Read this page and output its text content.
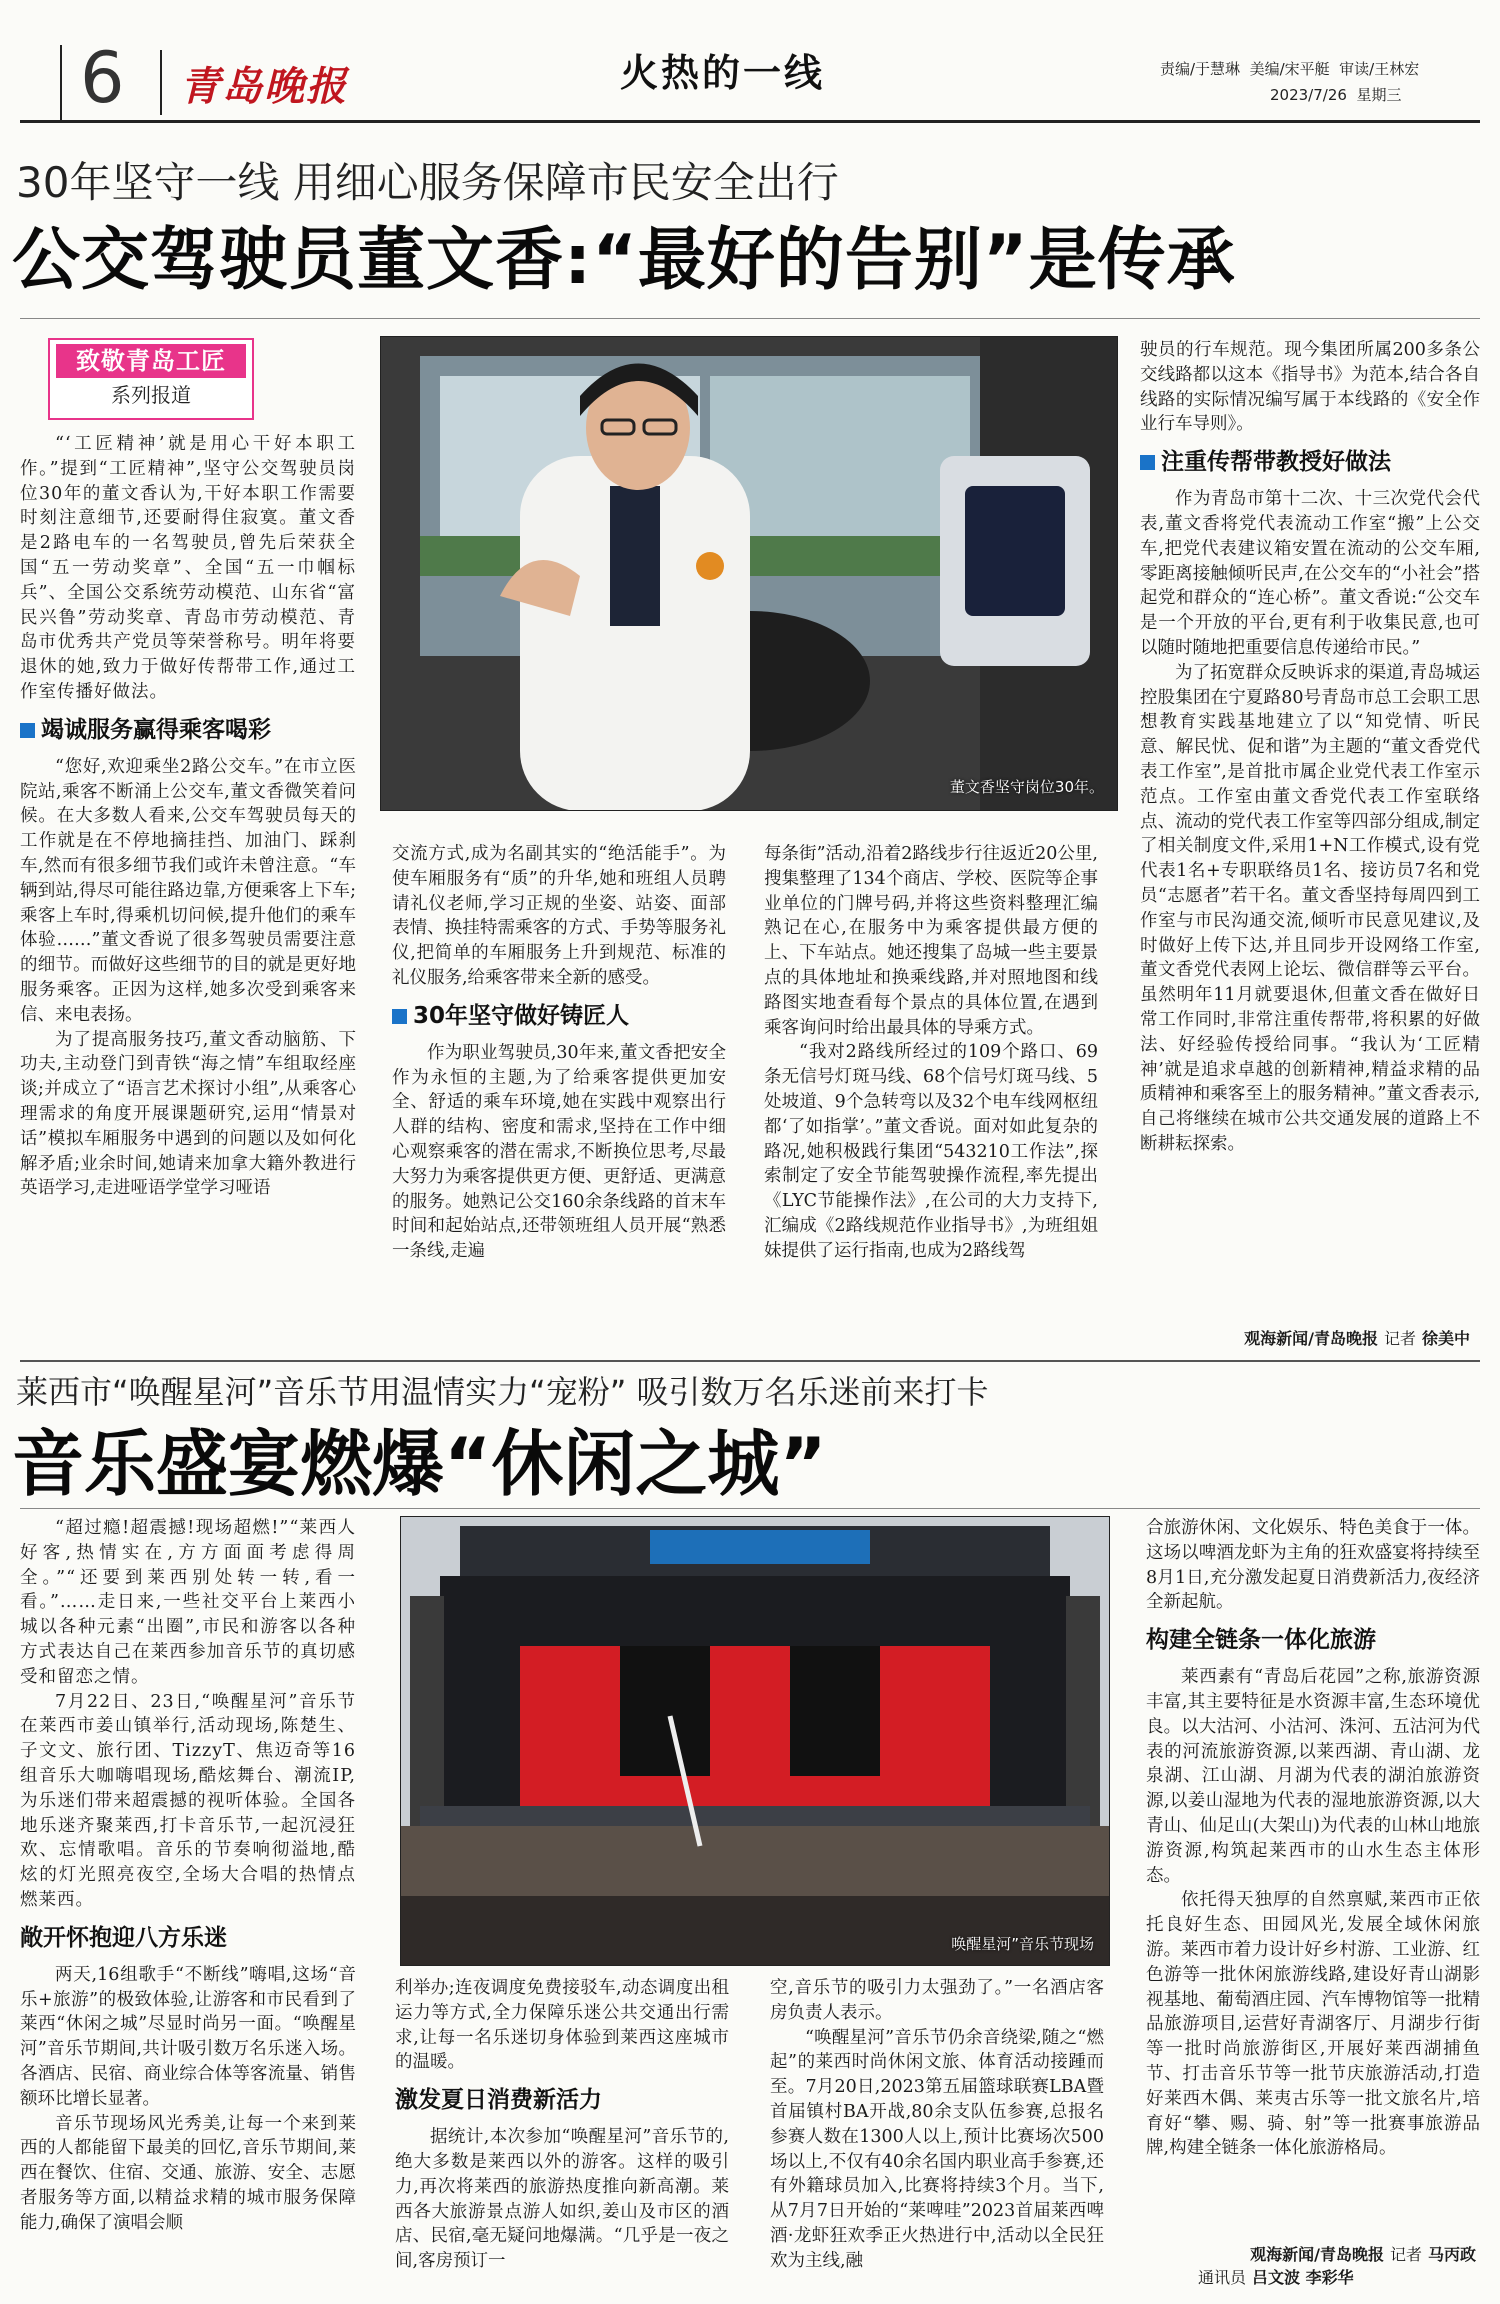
6 青岛晚报	火热的一线	责编/于慧琳  美编/宋平艇  审读/王林宏
2023/7/26  星期三
30年坚守一线 用细心服务保障市民安全出行
公交驾驶员董文香:“最好的告别”是传承
致敬青岛工匠
系列报道

“‘工匠精神’就是用心干好本职工作。”提到“工匠精神”,坚守公交驾驶员岗位30年的董文香认为,干好本职工作需要时刻注意细节,还要耐得住寂寞。董文香是2路电车的一名驾驶员,曾先后荣获全国“五一劳动奖章”、全国“五一巾帼标兵”、全国公交系统劳动模范、山东省“富民兴鲁”劳动奖章、青岛市劳动模范、青岛市优秀共产党员等荣誉称号。明年将要退休的她,致力于做好传帮带工作,通过工作室传播好做法。

竭诚服务赢得乘客喝彩

“您好,欢迎乘坐2路公交车。”在市立医院站,乘客不断涌上公交车,董文香微笑着问候。在大多数人看来,公交车驾驶员每天的工作就是在不停地摘挂挡、加油门、踩刹车,然而有很多细节我们或许未曾注意。“车辆到站,得尽可能往路边靠,方便乘客上下车;乘客上车时,得乘机切问候,提升他们的乘车体验……”董文香说了很多驾驶员需要注意的细节。而做好这些细节的目的就是更好地服务乘客。正因为这样,她多次受到乘客来信、来电表扬。

为了提高服务技巧,董文香动脑筋、下功夫,主动登门到青铁“海之情”车组取经座谈;并成立了“语言艺术探讨小组”,从乘客心理需求的角度开展课题研究,运用“情景对话”模拟车厢服务中遇到的问题以及如何化解矛盾;业余时间,她请来加拿大籍外教进行英语学习,走进哑语学堂学习哑语

董文香坚守岗位30年。

交流方式,成为名副其实的“绝活能手”。为使车厢服务有“质”的升华,她和班组人员聘请礼仪老师,学习正规的坐姿、站姿、面部表情、换挂特需乘客的方式、手势等服务礼仪,把简单的车厢服务上升到规范、标准的礼仪服务,给乘客带来全新的感受。

30年坚守做好铸匠人

作为职业驾驶员,30年来,董文香把安全作为永恒的主题,为了给乘客提供更加安全、舒适的乘车环境,她在实践中观察出行人群的结构、密度和需求,坚持在工作中细心观察乘客的潜在需求,不断换位思考,尽最大努力为乘客提供更方便、更舒适、更满意的服务。她熟记公交160余条线路的首末车时间和起始站点,还带领班组人员开展“熟悉一条线,走遍

每条街”活动,沿着2路线步行往返近20公里,搜集整理了134个商店、学校、医院等企事业单位的门牌号码,并将这些资料整理汇编熟记在心,在服务中为乘客提供最方便的上、下车站点。她还搜集了岛城一些主要景点的具体地址和换乘线路,并对照地图和线路图实地查看每个景点的具体位置,在遇到乘客询问时给出最具体的导乘方式。

“我对2路线所经过的109个路口、69条无信号灯斑马线、68个信号灯斑马线、5处坡道、9个急转弯以及32个电车线网枢纽都‘了如指掌’。”董文香说。面对如此复杂的路况,她积极践行集团“543210工作法”,探索制定了安全节能驾驶操作流程,率先提出《LYC节能操作法》,在公司的大力支持下,汇编成《2路线规范作业指导书》,为班组姐妹提供了运行指南,也成为2路线驾

驶员的行车规范。现今集团所属200多条公交线路都以这本《指导书》为范本,结合各自线路的实际情况编写属于本线路的《安全作业行车导则》。

注重传帮带教授好做法

作为青岛市第十二次、十三次党代会代表,董文香将党代表流动工作室“搬”上公交车,把党代表建议箱安置在流动的公交车厢,零距离接触倾听民声,在公交车的“小社会”搭起党和群众的“连心桥”。董文香说:“公交车是一个开放的平台,更有利于收集民意,也可以随时随地把重要信息传递给市民。”

为了拓宽群众反映诉求的渠道,青岛城运控股集团在宁夏路80号青岛市总工会职工思想教育实践基地建立了以“知党情、听民意、解民忧、促和谐”为主题的“董文香党代表工作室”,是首批市属企业党代表工作室示范点。工作室由董文香党代表工作室联络点、流动的党代表工作室等四部分组成,制定了相关制度文件,采用1+N工作模式,设有党代表1名+专职联络员1名、接访员7名和党员“志愿者”若干名。董文香坚持每周四到工作室与市民沟通交流,倾听市民意见建议,及时做好上传下达,并且同步开设网络工作室,董文香党代表网上论坛、微信群等云平台。虽然明年11月就要退休,但董文香在做好日常工作同时,非常注重传帮带,将积累的好做法、好经验传授给同事。“我认为‘工匠精神’就是追求卓越的创新精神,精益求精的品质精神和乘客至上的服务精神。”董文香表示,自己将继续在城市公共交通发展的道路上不断耕耘探索。

观海新闻/青岛晚报 记者 徐美中
莱西市“唤醒星河”音乐节用温情实力“宠粉” 吸引数万名乐迷前来打卡
音乐盛宴燃爆“休闲之城”

“超过瘾!超震撼!现场超燃!”“莱西人好客,热情实在,方方面面考虑得周全。”“还要到莱西别处转一转,看一看。”……走日来,一些社交平台上莱西小城以各种元素“出圈”,市民和游客以各种方式表达自己在莱西参加音乐节的真切感受和留恋之情。

7月22日、23日,“唤醒星河”音乐节在莱西市姜山镇举行,活动现场,陈楚生、子文文、旅行团、TizzyT、焦迈奇等16组音乐大咖嗨唱现场,酷炫舞台、潮流IP,为乐迷们带来超震撼的视听体验。全国各地乐迷齐聚莱西,打卡音乐节,一起沉浸狂欢、忘情歌唱。音乐的节奏响彻溢地,酷炫的灯光照亮夜空,全场大合唱的热情点燃莱西。

敞开怀抱迎八方乐迷

两天,16组歌手“不断线”嗨唱,这场“音乐+旅游”的极致体验,让游客和市民看到了莱西“休闲之城”尽显时尚另一面。“唤醒星河”音乐节期间,共计吸引数万名乐迷入场。各酒店、民宿、商业综合体等客流量、销售额环比增长显著。

音乐节现场风光秀美,让每一个来到莱西的人都能留下最美的回忆,音乐节期间,莱西在餐饮、住宿、交通、旅游、安全、志愿者服务等方面,以精益求精的城市服务保障能力,确保了演唱会顺

唤醒星河”音乐节现场

利举办;连夜调度免费接驳车,动态调度出租运力等方式,全力保障乐迷公共交通出行需求,让每一名乐迷切身体验到莱西这座城市的温暖。

激发夏日消费新活力

据统计,本次参加“唤醒星河”音乐节的,绝大多数是莱西以外的游客。这样的吸引力,再次将莱西的旅游热度推向新高潮。莱西各大旅游景点游人如织,姜山及市区的酒店、民宿,毫无疑问地爆满。“几乎是一夜之间,客房预订一

空,音乐节的吸引力太强劲了。”一名酒店客房负责人表示。

“唤醒星河”音乐节仍余音绕梁,随之“燃起”的莱西时尚休闲文旅、体育活动接踵而至。7月20日,2023第五届篮球联赛LBA暨首届镇村BA开战,80余支队伍参赛,总报名参赛人数在1300人以上,预计比赛场次500场以上,不仅有40余名国内职业高手参赛,还有外籍球员加入,比赛将持续3个月。当下,从7月7日开始的“莱啤哇”2023首届莱西啤酒·龙虾狂欢季正火热进行中,活动以全民狂欢为主线,融

合旅游休闲、文化娱乐、特色美食于一体。这场以啤酒龙虾为主角的狂欢盛宴将持续至8月1日,充分激发起夏日消费新活力,夜经济全新起航。

构建全链条一体化旅游

莱西素有“青岛后花园”之称,旅游资源丰富,其主要特征是水资源丰富,生态环境优良。以大沽河、小沽河、洙河、五沽河为代表的河流旅游资源,以莱西湖、青山湖、龙泉湖、江山湖、月湖为代表的湖泊旅游资源,以姜山湿地为代表的湿地旅游资源,以大青山、仙足山(大架山)为代表的山林山地旅游资源,构筑起莱西市的山水生态主体形态。

依托得天独厚的自然禀赋,莱西市正依托良好生态、田园风光,发展全域休闲旅游。莱西市着力设计好乡村游、工业游、红色游等一批休闲旅游线路,建设好青山湖影视基地、葡萄酒庄园、汽车博物馆等一批精品旅游项目,运营好青湖客厅、月湖步行街等一批时尚旅游街区,开展好莱西湖捕鱼节、打击音乐节等一批节庆旅游活动,打造好莱西木偶、莱夷古乐等一批文旅名片,培育好“攀、赐、骑、射”等一批赛事旅游品牌,构建全链条一体化旅游格局。

观海新闻/青岛晚报 记者 马丙政
通讯员 吕文波 李彩华
